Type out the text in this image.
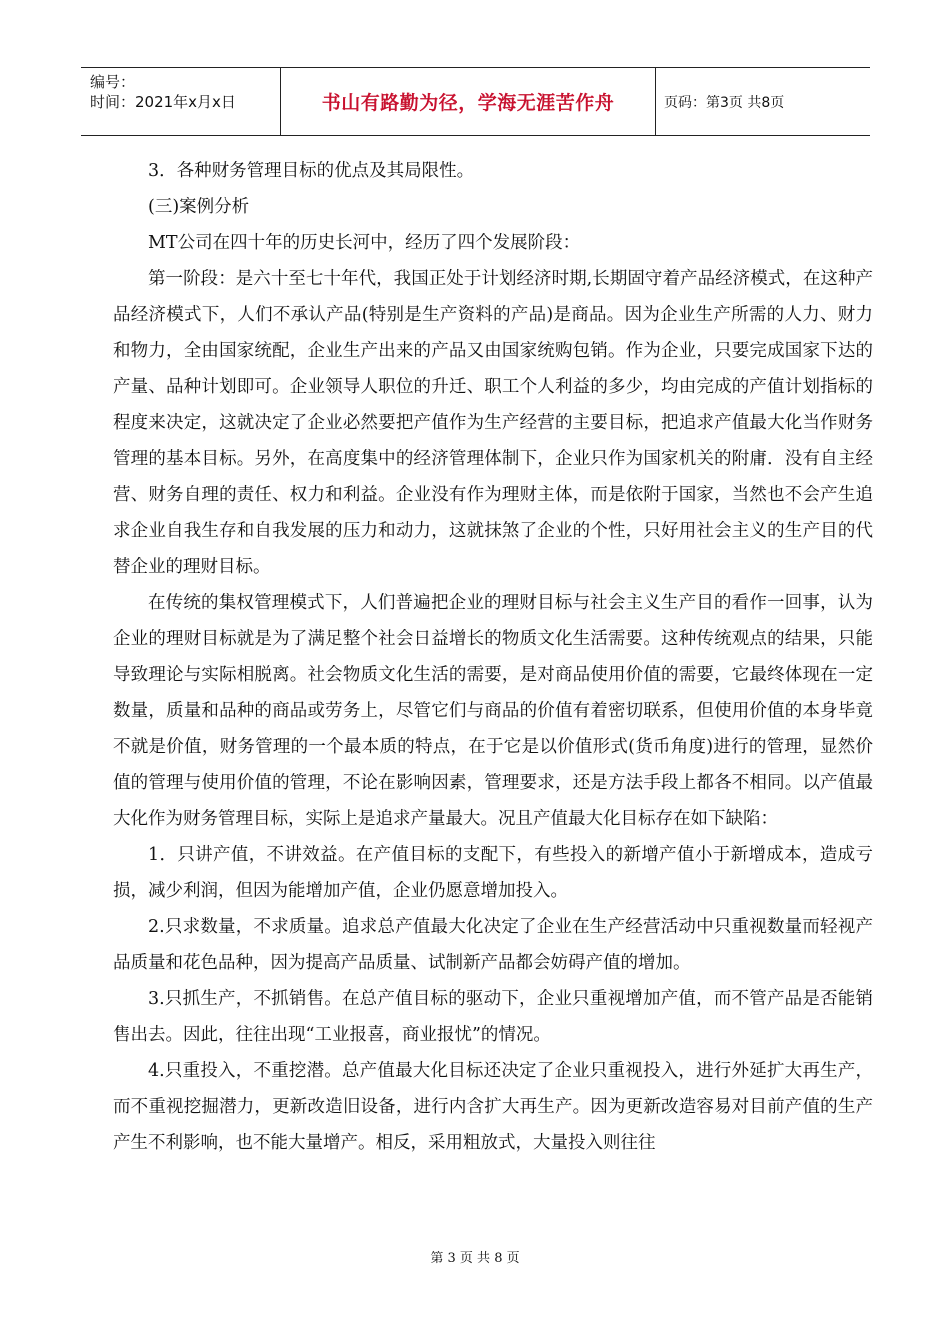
编号：
时间：2021年x月x日	书山有路勤为径，学海无涯苦作舟	页码：第3页 共8页

3．各种财务管理目标的优点及其局限性。

(三)案例分析

MT公司在四十年的历史长河中，经历了四个发展阶段：

第一阶段：是六十至七十年代，我国正处于计划经济时期,长期固守着产品经济模式，在这种产品经济模式下，人们不承认产品(特别是生产资料的产品)是商品。因为企业生产所需的人力、财力和物力，全由国家统配，企业生产出来的产品又由国家统购包销。作为企业，只要完成国家下达的产量、品种计划即可。企业领导人职位的升迁、职工个人利益的多少，均由完成的产值计划指标的程度来决定，这就决定了企业必然要把产值作为生产经营的主要目标，把追求产值最大化当作财务管理的基本目标。另外，在高度集中的经济管理体制下，企业只作为国家机关的附庸．没有自主经营、财务自理的责任、权力和利益。企业没有作为理财主体，而是依附于国家，当然也不会产生追求企业自我生存和自我发展的压力和动力，这就抹煞了企业的个性，只好用社会主义的生产目的代替企业的理财目标。

在传统的集权管理模式下，人们普遍把企业的理财目标与社会主义生产目的看作一回事，认为企业的理财目标就是为了满足整个社会日益增长的物质文化生活需要。这种传统观点的结果，只能导致理论与实际相脱离。社会物质文化生活的需要，是对商品使用价值的需要，它最终体现在一定数量，质量和品种的商品或劳务上，尽管它们与商品的价值有着密切联系，但使用价值的本身毕竟不就是价值，财务管理的一个最本质的特点，在于它是以价值形式(货币角度)进行的管理，显然价值的管理与使用价值的管理，不论在影响因素，管理要求，还是方法手段上都各不相同。以产值最大化作为财务管理目标，实际上是追求产量最大。况且产值最大化目标存在如下缺陷：

1．只讲产值，不讲效益。在产值目标的支配下，有些投入的新增产值小于新增成本，造成亏损，减少利润，但因为能增加产值，企业仍愿意增加投入。

2.只求数量，不求质量。追求总产值最大化决定了企业在生产经营活动中只重视数量而轻视产品质量和花色品种，因为提高产品质量、试制新产品都会妨碍产值的增加。

3.只抓生产，不抓销售。在总产值目标的驱动下，企业只重视增加产值，而不管产品是否能销售出去。因此，往往出现“工业报喜，商业报忧”的情况。

4.只重投入，不重挖潜。总产值最大化目标还决定了企业只重视投入，进行外延扩大再生产，而不重视挖掘潜力，更新改造旧设备，进行内含扩大再生产。因为更新改造容易对目前产值的生产产生不利影响，也不能大量增产。相反，采用粗放式，大量投入则往往

第 3 页 共 8 页
